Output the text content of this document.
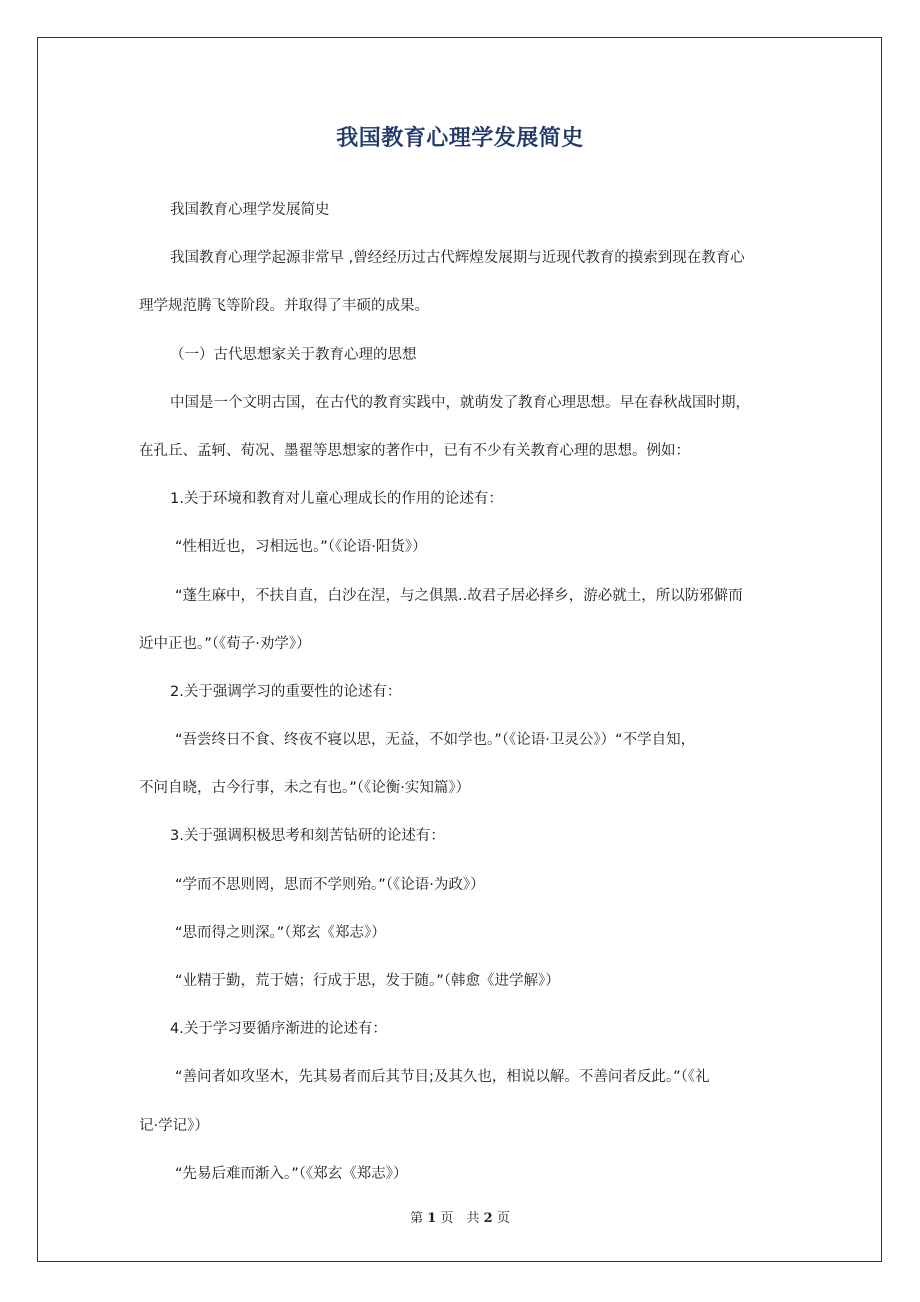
我国教育心理学发展简史
我国教育心理学发展简史
我国教育心理学起源非常早 ,曾经经历过古代辉煌发展期与近现代教育的摸索到现在教育心
理学规范腾飞等阶段。并取得了丰硕的成果。
（一）古代思想家关于教育心理的思想
中国是一个文明古国，在古代的教育实践中，就萌发了教育心理思想。早在春秋战国时期，
在孔丘、孟轲、荀况、墨翟等思想家的著作中，已有不少有关教育心理的思想。例如：
1.关于环境和教育对儿童心理成长的作用的论述有：
“性相近也，习相远也。”（《论语·阳货》）
“蓬生麻中，不扶自直，白沙在涅，与之俱黑..故君子居必择乡，游必就土，所以防邪僻而
近中正也。”（《荀子·劝学》）
2.关于强调学习的重要性的论述有：
“吾尝终日不食、终夜不寝以思，无益，不如学也。”（《论语·卫灵公》）“不学自知，
不问自晓，古今行事，未之有也。”（《论衡·实知篇》）
3.关于强调积极思考和刻苦钻研的论述有：
“学而不思则罔，思而不学则殆。”（《论语·为政》）
“思而得之则深。”（郑玄《郑志》）
“业精于勤，荒于嬉；行成于思，发于随。”（韩愈《进学解》）
4.关于学习要循序渐进的论述有：
“善问者如攻坚木，先其易者而后其节目;及其久也，相说以解。不善问者反此。”（《礼
记·学记》）
“先易后难而渐入。”（《郑玄《郑志》）
第 1 页　共 2 页
